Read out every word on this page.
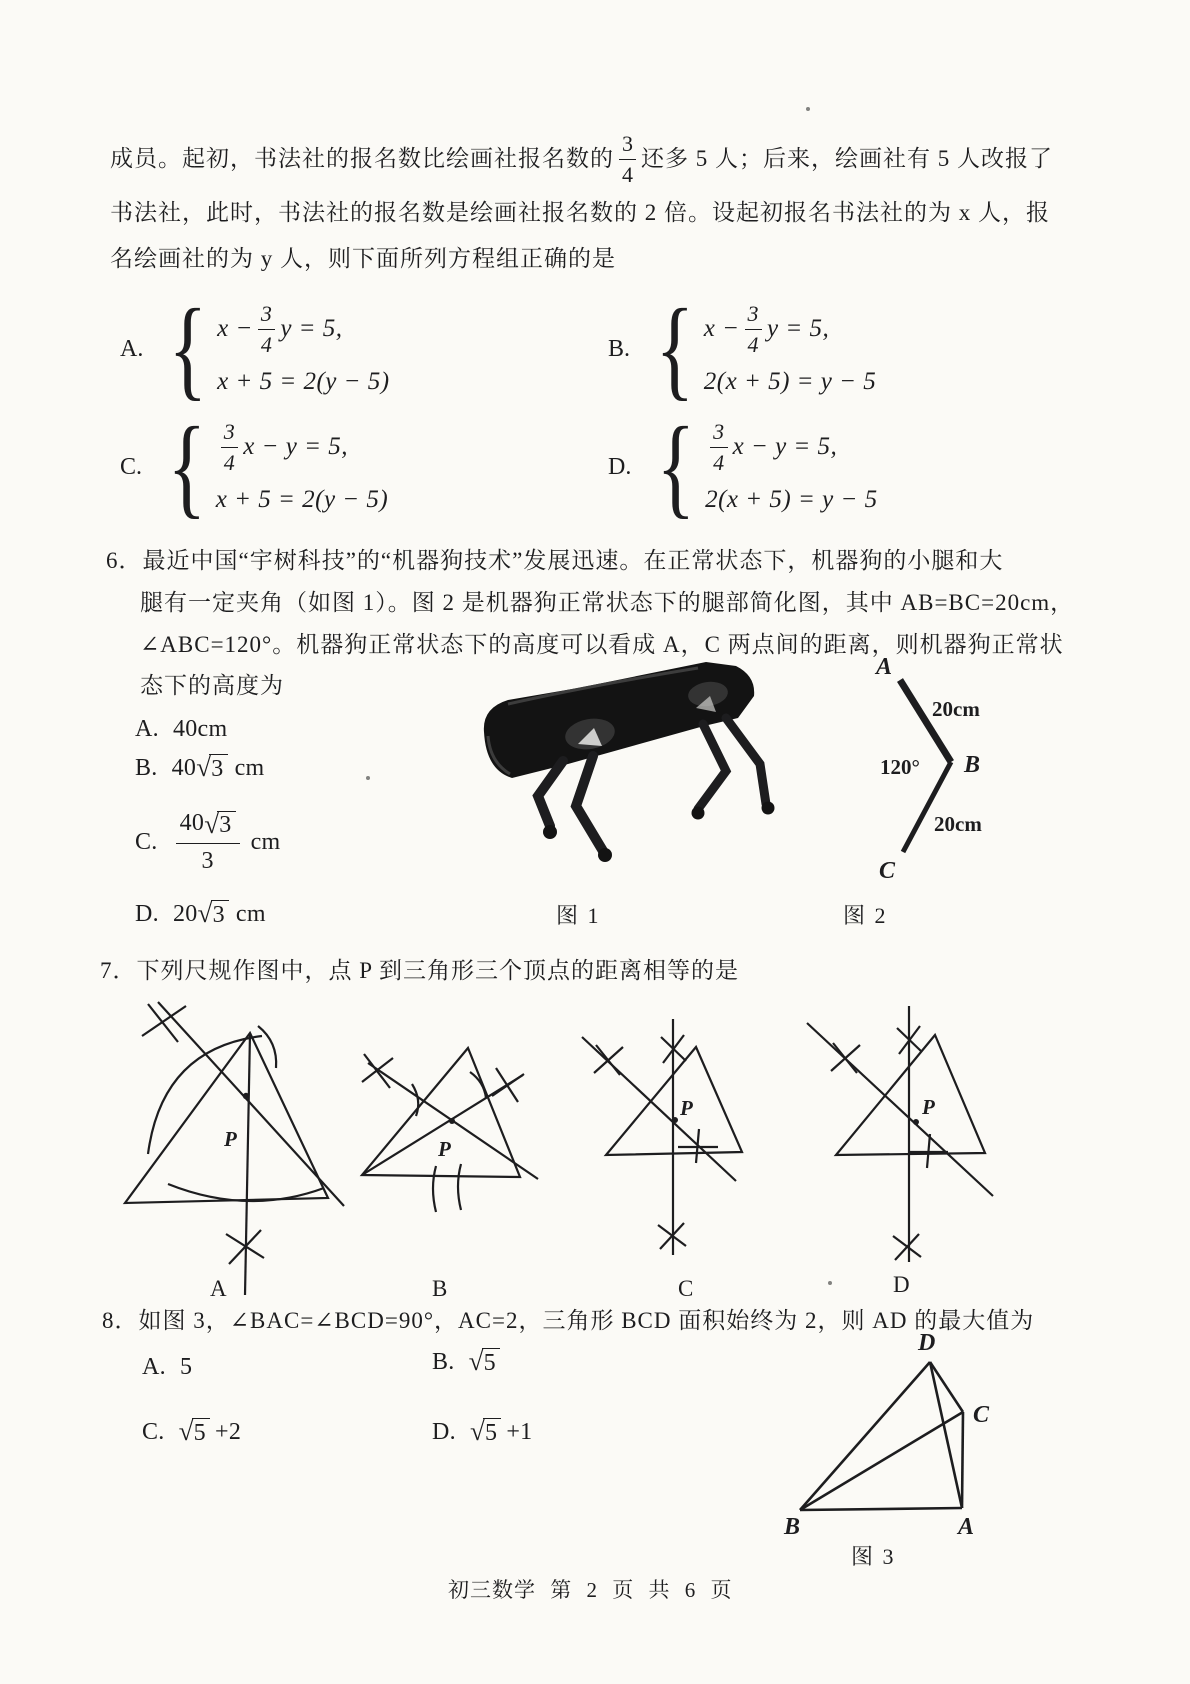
成员。起初，书法社的报名数比绘画社报名数的 $\frac{3}{4}$ 还多 5 人；后来，绘画社有 5 人改报了
书法社，此时，书法社的报名数是绘画社报名数的 2 倍。设起初报名书法社的为 x 人，报
名绘画社的为 y 人，则下面所列方程组正确的是
A.
{
$x - \frac{3}{4}$ y = 5,
x + 5 = 2(y − 5)
B.
{
$x - \frac{3}{4}$ y = 5,
2(x + 5) = y − 5
C. {	$\frac{3}{4}$ x − y = 5,
x + 5 = 2(y − 5)
D. {	$\frac{3}{4}$ x − y = 5,
2(x + 5) = y − 5
6．最近中国“宇树科技”的“机器狗技术”发展迅速。在正常状态下，机器狗的小腿和大
腿有一定夹角（如图 1）。图 2 是机器狗正常状态下的腿部简化图，其中 AB=BC=20cm，
∠ABC=120°。机器狗正常状态下的高度可以看成 A，C 两点间的距离，则机器狗正常状
态下的高度为
A. 40cm
B. 40 √ 3 cm
C.
40 √ 3
3
cm
D. 20 √ 3 cm	图 1
A
20cm
120° B
20cm
C
图 2
7．下列尺规作图中，点 P 到三角形三个顶点的距离相等的是
P	P
P	P
A	B	C	D
8．如图 3，∠BAC=∠BCD=90°，AC=2，三角形 BCD 面积始终为 2，则 AD 的最大值为
A. 5	B. √ 5
C. √ 5 +2	D. √ 5 +1
D
C
B	A
图 3
初三数学 第 2 页 共 6 页
